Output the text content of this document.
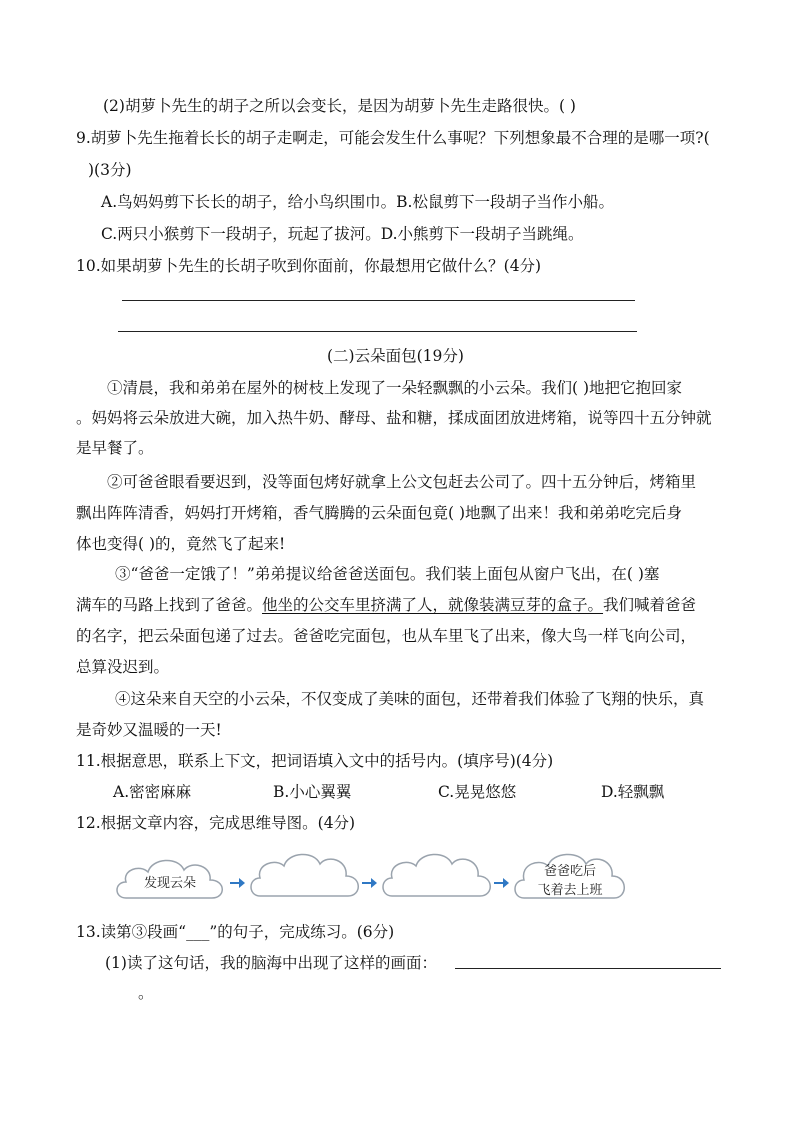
(2)胡萝卜先生的胡子之所以会变长，是因为胡萝卜先生走路很快。( )
9.胡萝卜先生拖着长长的胡子走啊走，可能会发生什么事呢？下列想象最不合理的是哪一项?(
)(3分)
A.鸟妈妈剪下长长的胡子，给小鸟织围巾。B.松鼠剪下一段胡子当作小船。
C.两只小猴剪下一段胡子，玩起了拔河。D.小熊剪下一段胡子当跳绳。
10.如果胡萝卜先生的长胡子吹到你面前，你最想用它做什么？(4分)
(二)云朵面包(19分)
①清晨，我和弟弟在屋外的树枝上发现了一朵轻飘飘的小云朵。我们( )地把它抱回家
。妈妈将云朵放进大碗，加入热牛奶、酵母、盐和糖，揉成面团放进烤箱，说等四十五分钟就
是早餐了。
②可爸爸眼看要迟到，没等面包烤好就拿上公文包赶去公司了。四十五分钟后，烤箱里
飘出阵阵清香，妈妈打开烤箱，香气腾腾的云朵面包竟( )地飘了出来！我和弟弟吃完后身
体也变得( )的，竟然飞了起来!
③“爸爸一定饿了！”弟弟提议给爸爸送面包。我们装上面包从窗户飞出，在( )塞
满车的马路上找到了爸爸。他坐的公交车里挤满了人，就像装满豆芽的盒子。我们喊着爸爸
的名字，把云朵面包递了过去。爸爸吃完面包，也从车里飞了出来，像大鸟一样飞向公司，
总算没迟到。
④这朵来自天空的小云朵，不仅变成了美味的面包，还带着我们体验了飞翔的快乐，真
是奇妙又温暖的一天!
11.根据意思，联系上下文，把词语填入文中的括号内。(填序号)(4分)
A.密密麻麻	B.小心翼翼	C.晃晃悠悠	D.轻飘飘
12.根据文章内容，完成思维导图。(4分)
发现云朵
爸爸吃后
飞着去上班
13.读第③段画“___”的句子，完成练习。(6分)
(1)读了这句话，我的脑海中出现了这样的画面：
。
